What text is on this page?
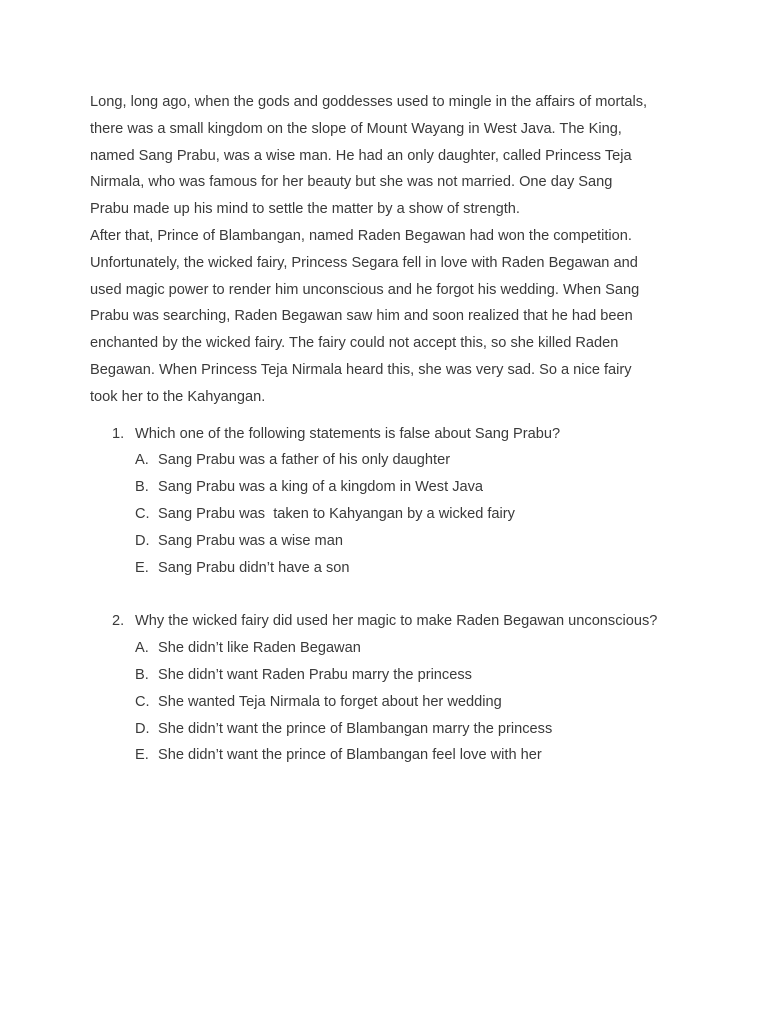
Long, long ago, when the gods and goddesses used to mingle in the affairs of mortals,
there was a small kingdom on the slope of Mount Wayang in West Java. The King,
named Sang Prabu, was a wise man. He had an only daughter, called Princess Teja
Nirmala, who was famous for her beauty but she was not married. One day Sang
Prabu made up his mind to settle the matter by a show of strength.
After that, Prince of Blambangan, named Raden Begawan had won the competition.
Unfortunately, the wicked fairy, Princess Segara fell in love with Raden Begawan and
used magic power to render him unconscious and he forgot his wedding. When Sang
Prabu was searching, Raden Begawan saw him and soon realized that he had been
enchanted by the wicked fairy. The fairy could not accept this, so she killed Raden
Begawan. When Princess Teja Nirmala heard this, she was very sad. So a nice fairy
took her to the Kahyangan.
1. Which one of the following statements is false about Sang Prabu?
A. Sang Prabu was a father of his only daughter
B. Sang Prabu was a king of a kingdom in West Java
C. Sang Prabu was  taken to Kahyangan by a wicked fairy
D. Sang Prabu was a wise man
E. Sang Prabu didn’t have a son
2. Why the wicked fairy did used her magic to make Raden Begawan unconscious?
A. She didn’t like Raden Begawan
B. She didn’t want Raden Prabu marry the princess
C. She wanted Teja Nirmala to forget about her wedding
D. She didn’t want the prince of Blambangan marry the princess
E. She didn’t want the prince of Blambangan feel love with her
